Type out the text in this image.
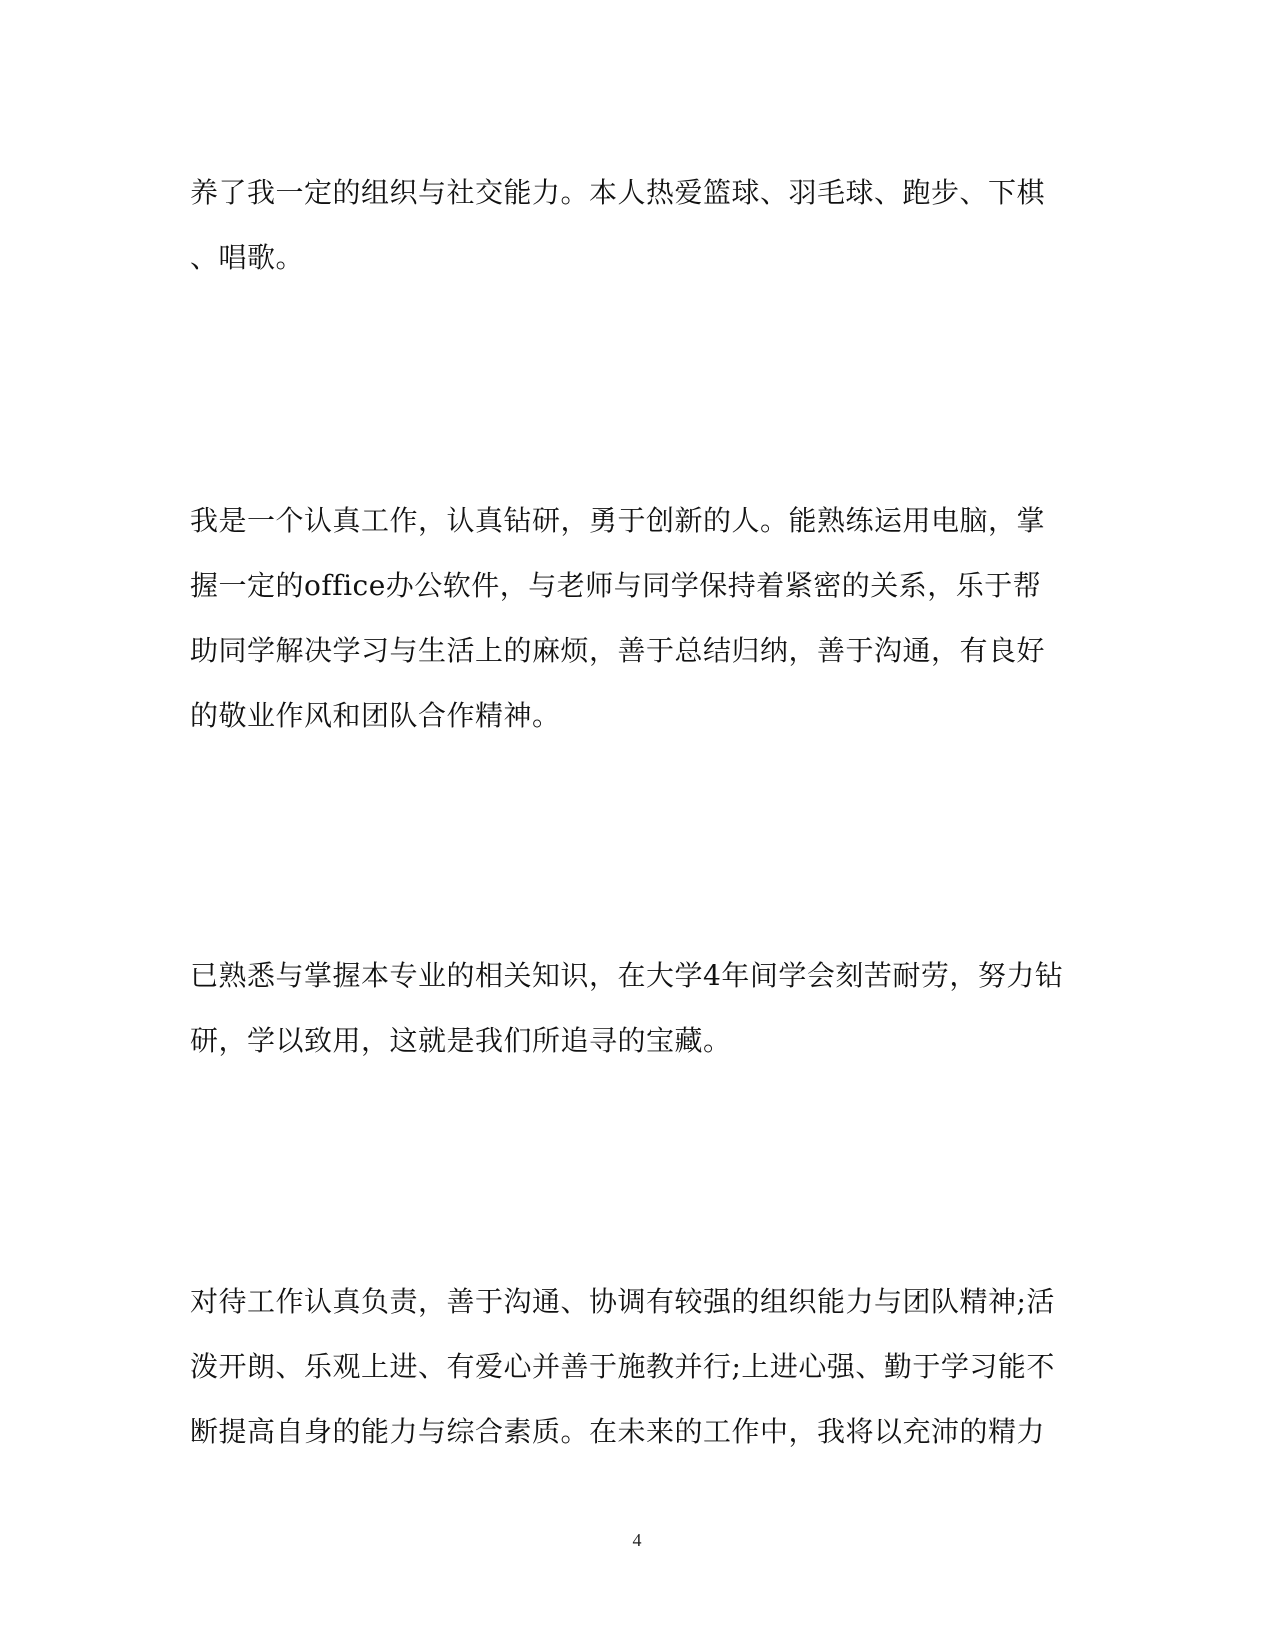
养了我一定的组织与社交能力。本人热爱篮球、羽毛球、跑步、下棋
、唱歌。

我是一个认真工作，认真钻研，勇于创新的人。能熟练运用电脑，掌
握一定的office办公软件，与老师与同学保持着紧密的关系，乐于帮
助同学解决学习与生活上的麻烦，善于总结归纳，善于沟通，有良好
的敬业作风和团队合作精神。

已熟悉与掌握本专业的相关知识，在大学4年间学会刻苦耐劳，努力钻
研，学以致用，这就是我们所追寻的宝藏。

对待工作认真负责，善于沟通、协调有较强的组织能力与团队精神;活
泼开朗、乐观上进、有爱心并善于施教并行;上进心强、勤于学习能不
断提高自身的能力与综合素质。在未来的工作中，我将以充沛的精力

4
